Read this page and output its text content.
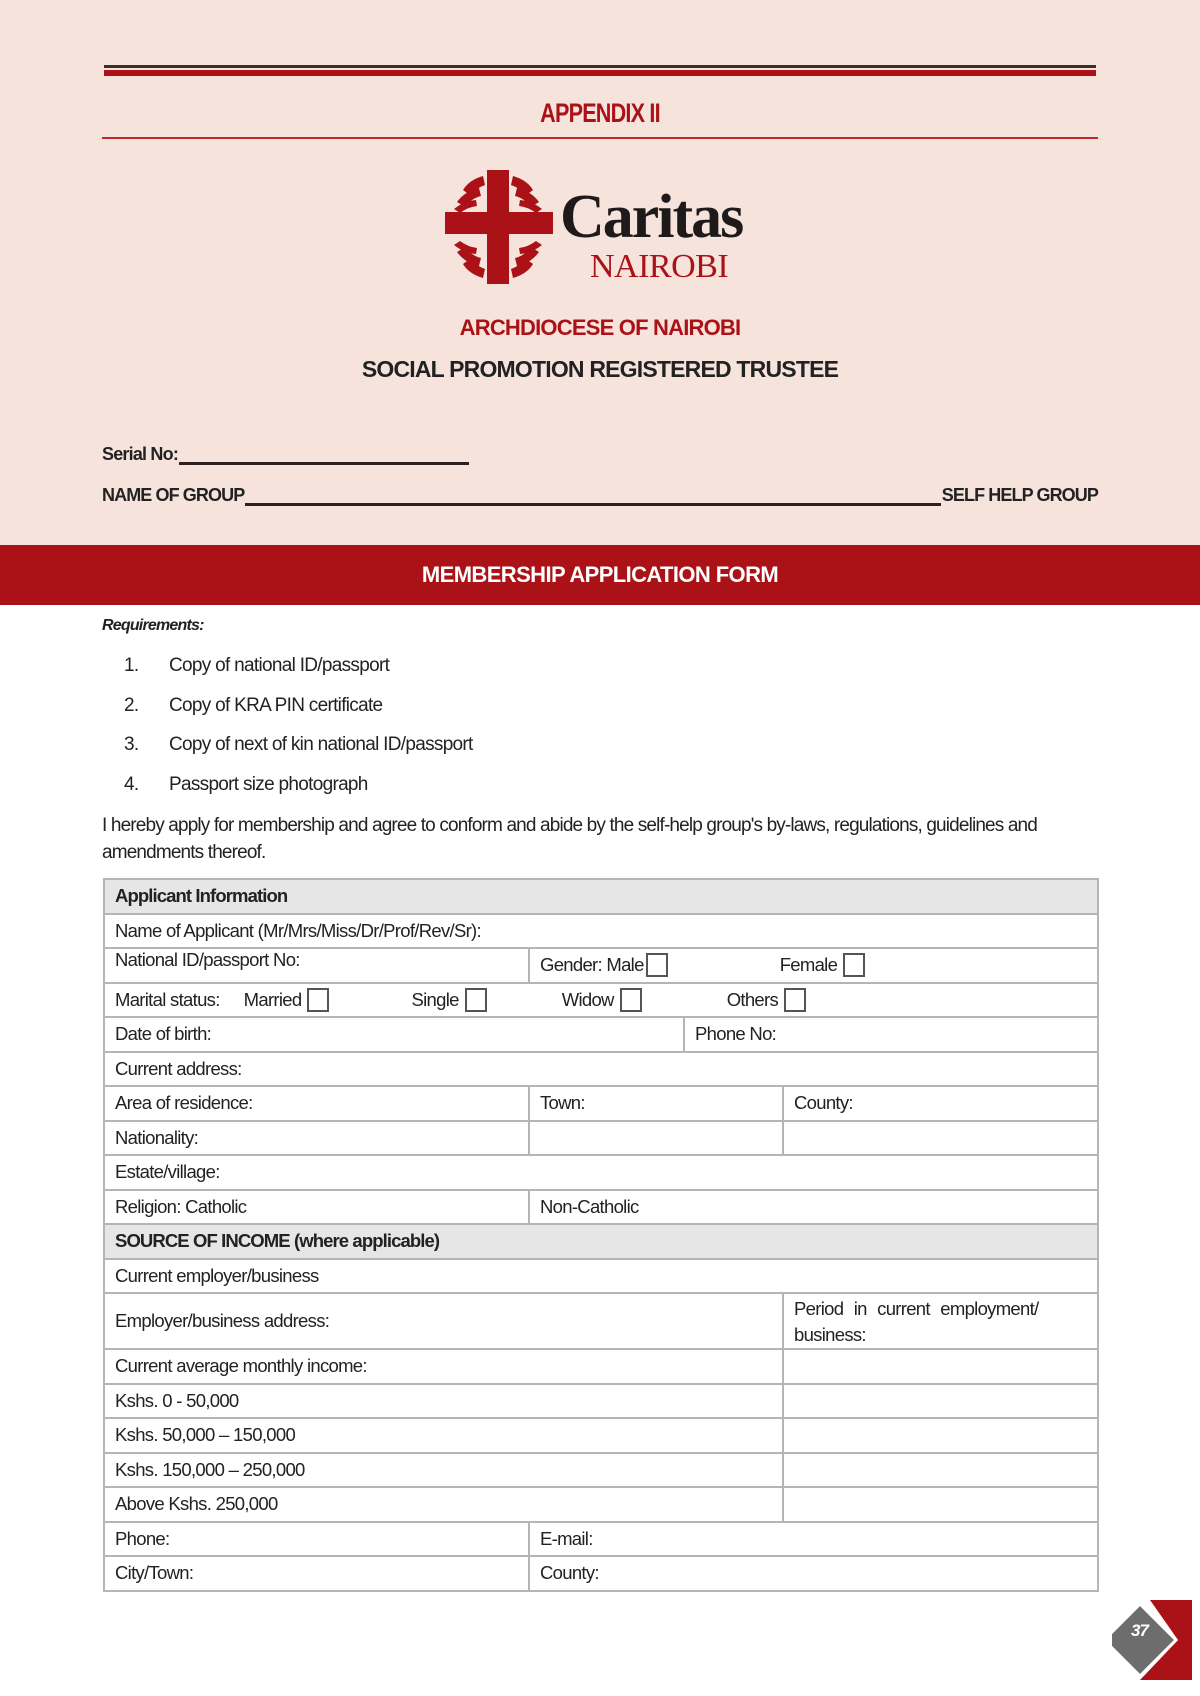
APPENDIX II
Caritas
NAIROBI
ARCHDIOCESE OF NAIROBI
SOCIAL PROMOTION REGISTERED TRUSTEE
Serial No:
NAME OF GROUP	SELF HELP GROUP
MEMBERSHIP APPLICATION FORM
Requirements:
1.	Copy of national ID/passport
2.	Copy of KRA PIN certificate
3.	Copy of next of kin national ID/passport
4.	Passport size photograph

I hereby apply for membership and agree to conform and abide by the self-help group's by-laws, regulations, guidelines and amendments thereof.

Applicant Information			
Name of Applicant (Mr/Mrs/Miss/Dr/Prof/Rev/Sr):			
National ID/passport No:	Gender: Male Female		

Marital status: Married Single Widow Others			

Date of birth:		Phone No:	
Current address:			
Area of residence:	Town:		County:
Nationality:			
Estate/village:			
Religion: Catholic	Non-Catholic		
SOURCE OF INCOME (where applicable)			
Current employer/business			
Employer/business address:			Period in current employment/ business:
Current average monthly income:			
Kshs. 0 - 50,000			
Kshs. 50,000 – 150,000			
Kshs. 150,000 – 250,000			
Above Kshs. 250,000			
Phone:	E-mail:		
City/Town:	County:		
37
